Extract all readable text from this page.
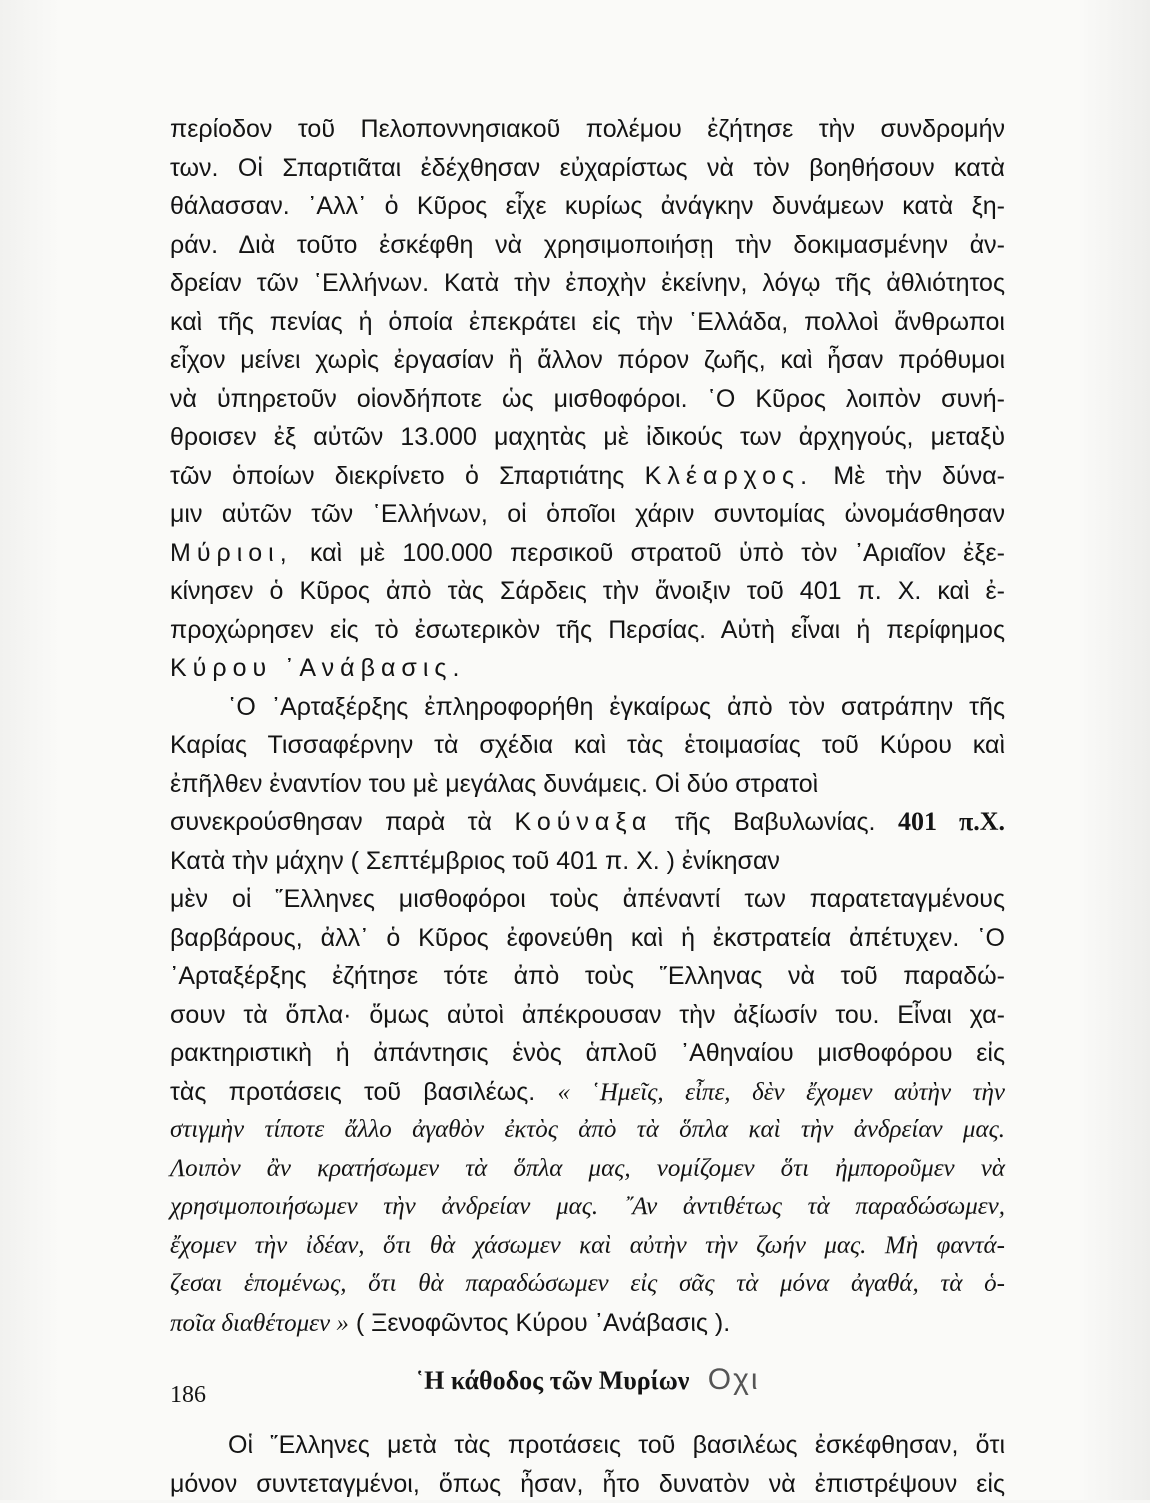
περίοδον τοῦ Πελοποννησιακοῦ πολέμου ἐζήτησε τὴν συνδρομήν
των. Οἱ Σπαρτιᾶται ἐδέχθησαν εὐχαρίστως νὰ τὸν βοηθήσουν κατὰ
θάλασσαν. ᾿Αλλ᾿ ὁ Κῦρος εἶχε κυρίως ἀνάγκην δυνάμεων κατὰ ξη-
ράν. Διὰ τοῦτο ἐσκέφθη νὰ χρησιμοποιήσῃ τὴν δοκιμασμένην ἀν-
δρείαν τῶν ῾Ελλήνων. Κατὰ τὴν ἐποχὴν ἐκείνην, λόγῳ τῆς ἀθλιότητος
καὶ τῆς πενίας ἡ ὁποία ἐπεκράτει εἰς τὴν ῾Ελλάδα, πολλοὶ ἄνθρωποι
εἶχον μείνει χωρὶς ἐργασίαν ἢ ἄλλον πόρον ζωῆς, καὶ ἦσαν πρόθυμοι
νὰ ὑπηρετοῦν οἱονδήποτε ὡς μισθοφόροι. ῾Ο Κῦρος λοιπὸν συνή-
θροισεν ἐξ αὐτῶν 13.000 μαχητὰς μὲ ἰδικούς των ἀρχηγούς, μεταξὺ
τῶν ὁποίων διεκρίνετο ὁ Σπαρτιάτης Κλέαρχος. Μὲ τὴν δύνα-
μιν αὐτῶν τῶν ῾Ελλήνων, οἱ ὁποῖοι χάριν συντομίας ὠνομάσθησαν
Μύριοι, καὶ μὲ 100.000 περσικοῦ στρατοῦ ὑπὸ τὸν ᾿Αριαῖον ἐξε-
κίνησεν ὁ Κῦρος ἀπὸ τὰς Σάρδεις τὴν ἄνοιξιν τοῦ 401 π. Χ. καὶ ἐ-
προχώρησεν εἰς τὸ ἐσωτερικὸν τῆς Περσίας. Αὐτὴ εἶναι ἡ περίφημος
Κύρου ᾿Ανάβασις.
῾Ο ᾿Αρταξέρξης ἐπληροφορήθη ἐγκαίρως ἀπὸ τὸν σατράπην τῆς
Καρίας Τισσαφέρνην τὰ σχέδια καὶ τὰς ἑτοιμασίας τοῦ Κύρου καὶ
ἐπῆλθεν ἐναντίον του μὲ μεγάλας δυνάμεις. Οἱ δύο στρατοὶ
συνεκρούσθησαν παρὰ τὰ Κούναξα τῆς Βαβυλωνίας. 401 π.Χ.
Κατὰ τὴν μάχην ( Σεπτέμβριος τοῦ 401 π. Χ. ) ἐνίκησαν
μὲν οἱ ῞Ελληνες μισθοφόροι τοὺς ἀπέναντί των παρατεταγμένους
βαρβάρους, ἀλλ᾿ ὁ Κῦρος ἐφονεύθη καὶ ἡ ἐκστρατεία ἀπέτυχεν. ῾Ο
᾿Αρταξέρξης ἐζήτησε τότε ἀπὸ τοὺς ῞Ελληνας νὰ τοῦ παραδώ-
σουν τὰ ὅπλα· ὅμως αὐτοὶ ἀπέκρουσαν τὴν ἀξίωσίν του. Εἶναι χα-
ρακτηριστικὴ ἡ ἀπάντησις ἑνὸς ἁπλοῦ ᾿Αθηναίου μισθοφόρου εἰς
τὰς προτάσεις τοῦ βασιλέως. « ῾Ημεῖς, εἶπε, δὲν ἔχομεν αὐτὴν τὴν
στιγμὴν τίποτε ἄλλο ἀγαθὸν ἐκτὸς ἀπὸ τὰ ὅπλα καὶ τὴν ἀνδρείαν μας.
Λοιπὸν ἂν κρατήσωμεν τὰ ὅπλα μας, νομίζομεν ὅτι ἠμποροῦμεν νὰ
χρησιμοποιήσωμεν τὴν ἀνδρείαν μας. ῎Αν ἀντιθέτως τὰ παραδώσωμεν,
ἔχομεν τὴν ἰδέαν, ὅτι θὰ χάσωμεν καὶ αὐτὴν τὴν ζωήν μας. Μὴ φαντά-
ζεσαι ἑπομένως, ὅτι θὰ παραδώσωμεν εἰς σᾶς τὰ μόνα ἀγαθά, τὰ ὁ-
ποῖα διαθέτομεν » ( Ξενοφῶντος Κύρου ᾿Ανάβασις ).
῾Η κάθοδος τῶν Μυρίων Οχι
Οἱ ῞Ελληνες μετὰ τὰς προτάσεις τοῦ βασιλέως ἐσκέφθησαν, ὅτι
μόνον συντεταγμένοι, ὅπως ἦσαν, ἦτο δυνατὸν νὰ ἐπιστρέψουν εἰς
186
